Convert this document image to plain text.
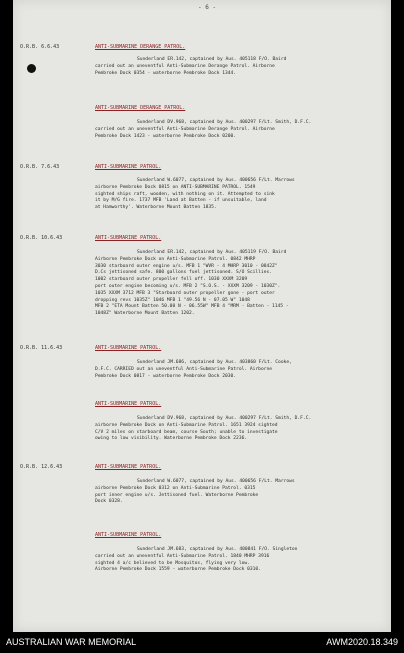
- 6 -
O.R.B. 6.6.43	ANTI-SUBMARINE DERANGE PATROL.
Sunderland ER.142, captained by Aus. 405118 F/O. Baird
carried out an uneventful Anti-Submarine Derange Patrol. Airborne
Pembroke Dock 0354 - waterborne Pembroke Dock 1344.
ANTI-SUBMARINE DERANGE PATROL.
Sunderland DV.968, captained by Aus. 400297 F/Lt. Smith, D.F.C.
carried out an uneventful Anti-Submarine Derange Patrol. Airborne
Pembroke Dock 1423 - waterborne Pembroke Dock 0200.
O.R.B. 7.6.43	ANTI-SUBMARINE PATROL.
Sunderland W.6077, captained by Aus. 400656 F/Lt. Marrows
airborne Pembroke Dock 0815 on ANTI-SUBMARINE PATROL. 1549
sighted ships raft, wooden, with nothing on it. Attempted to sink
it by M/G fire. 1737 MFB 'Land at Batten - if unsuitable, land
at Hamworthy'. Waterborne Mount Batten 1835.
O.R.B. 10.6.43	ANTI-SUBMARINE PATROL.
Sunderland ER.142, captained by Aus. 405119 F/O. Baird
Airborne Pembroke Dock on Anti-Submarine Patrol. 0842 MHRP
3030 starboard outer engine u/s. MFB 1 "WVR - 4 MHRP 3010 - 0842Z"
D.Cs jettisoned safe. 800 gallons fuel jettisoned. S/O Scillies.
1002 starboard outer propeller fell off. 1030 XXXM 3209
port outer engine becoming u/s. MFB 2 "S.O.S. - XXXM 3209 - 1030Z".
1035 XXXM 3712 MFB 3 "Starboard outer propeller gone - port outer
dropping revs 1035Z" 1046 MFB 1 "49.56 N - 07.05 W" 1048
MFB 2 "ETA Mount Batten 50.00 N - 06.55W" MFB 4 "MRM - Batten - 1145 -
1048Z" Waterborne Mount Batten 1202.
O.R.B. 11.6.43	ANTI-SUBMARINE PATROL.
Sunderland JM.686, captained by Aus. 403860 F/Lt. Cooke,
D.F.C. CARRIED out an uneventful Anti-Submarine Patrol. Airborne
Pembroke Dock 0817 - waterborne Pembroke Dock 2030.
ANTI-SUBMARINE PATROL.
Sunderland DV.968, captained by Aus. 400297 F/Lt. Smith, D.F.C.
airborne Pembroke Dock on Anti-Submarine Patrol. 1651 3924 sighted
C/V 2 miles on starboard beam, course South; unable to investigate
owing to low visibility. Waterborne Pembroke Dock 2236.
O.R.B. 12.6.43	ANTI-SUBMARINE PATROL.
Sunderland W.6077, captained by Aus. 400656 F/Lt. Marrows
airborne Pembroke Dock 0312 on Anti-Submarine Patrol. 0315
port inner engine u/s. Jettisoned fuel. Waterborne Pembroke
Dock 0328.
ANTI-SUBMARINE PATROL.
Sunderland JM.683, captained by Aus. 400841 F/O. Singleton
carried out an uneventful Anti-Submarine Patrol. 1840 MHRP 3916
sighted 4 a/c believed to be Mosquitos, flying very low.
Airborne Pembroke Dock 1559 - waterborne Pembroke Dock 0310.
AUSTRALIAN WAR MEMORIAL	AWM2020.18.349
